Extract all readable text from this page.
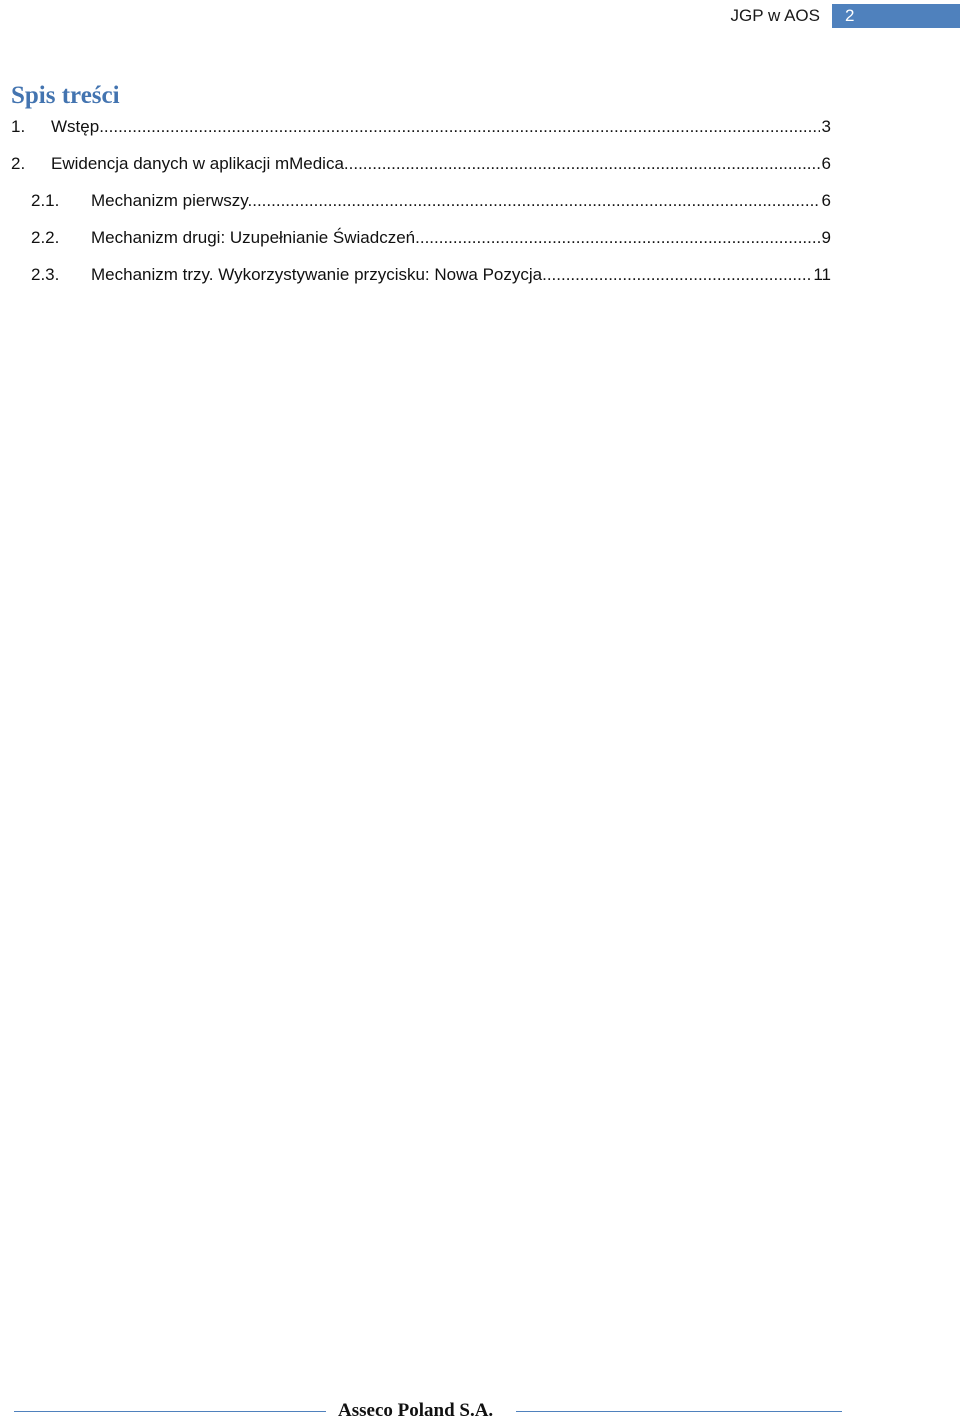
JGP w AOS	2
Spis treści
1.	Wstęp .....	3
2.	Ewidencja danych w aplikacji mMedica. .....	6
2.1.	Mechanizm pierwszy. .....	6
2.2.	Mechanizm drugi: Uzupełnianie Świadczeń. .....	9
2.3.	Mechanizm trzy. Wykorzystywanie przycisku: Nowa Pozycja. .....	11
Asseco Poland S.A.
